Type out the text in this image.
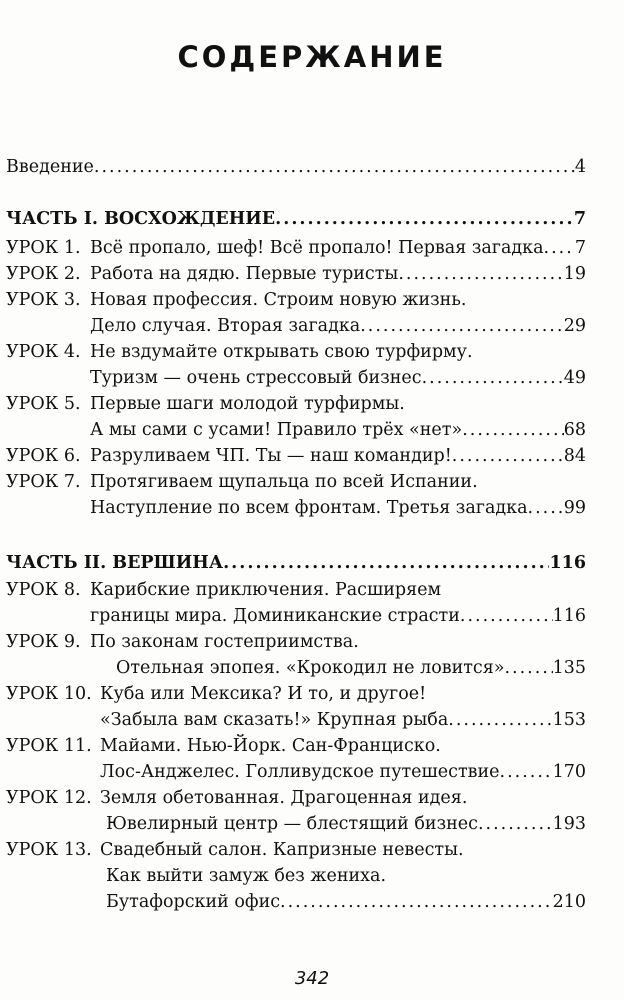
СОДЕРЖАНИЕ
Введение .....	4
ЧАСТЬ I. ВОСХОЖДЕНИЕ .....	7
УРОК 1. Всё пропало, шеф! Всё пропало! Первая загадка ..... 7
УРОК 2. Работа на дядю. Первые туристы .....	19
УРОК 3. Новая профессия. Строим новую жизнь.
Дело случая. Вторая загадка .....	29
УРОК 4. Не вздумайте открывать свою турфирму.
Туризм — очень стрессовый бизнес .....	49
УРОК 5. Первые шаги молодой турфирмы.
А мы сами с усами! Правило трёх «нет» .....	68
УРОК 6. Разруливаем ЧП. Ты — наш командир! .....	84
УРОК 7. Протягиваем щупальца по всей Испании.
Наступление по всем фронтам. Третья загадка ..... 99
ЧАСТЬ II. ВЕРШИНА .....	116
УРОК 8. Карибские приключения. Расширяем
границы мира. Доминиканские страсти .....	116
УРОК 9. По законам гостеприимства.
Отельная эпопея. «Крокодил не ловится» .....	135
УРОК 10. Куба или Мексика? И то, и другое!
«Забыла вам сказать!» Крупная рыба .....	153
УРОК 11. Майами. Нью-Йорк. Сан-Франциско.
Лос-Анджелес. Голливудское путешествие .....	170
УРОК 12. Земля обетованная. Драгоценная идея.
Ювелирный центр — блестящий бизнес .....	193
УРОК 13. Свадебный салон. Капризные невесты.
Как выйти замуж без жениха.
Бутафорский офис .....	210
342
